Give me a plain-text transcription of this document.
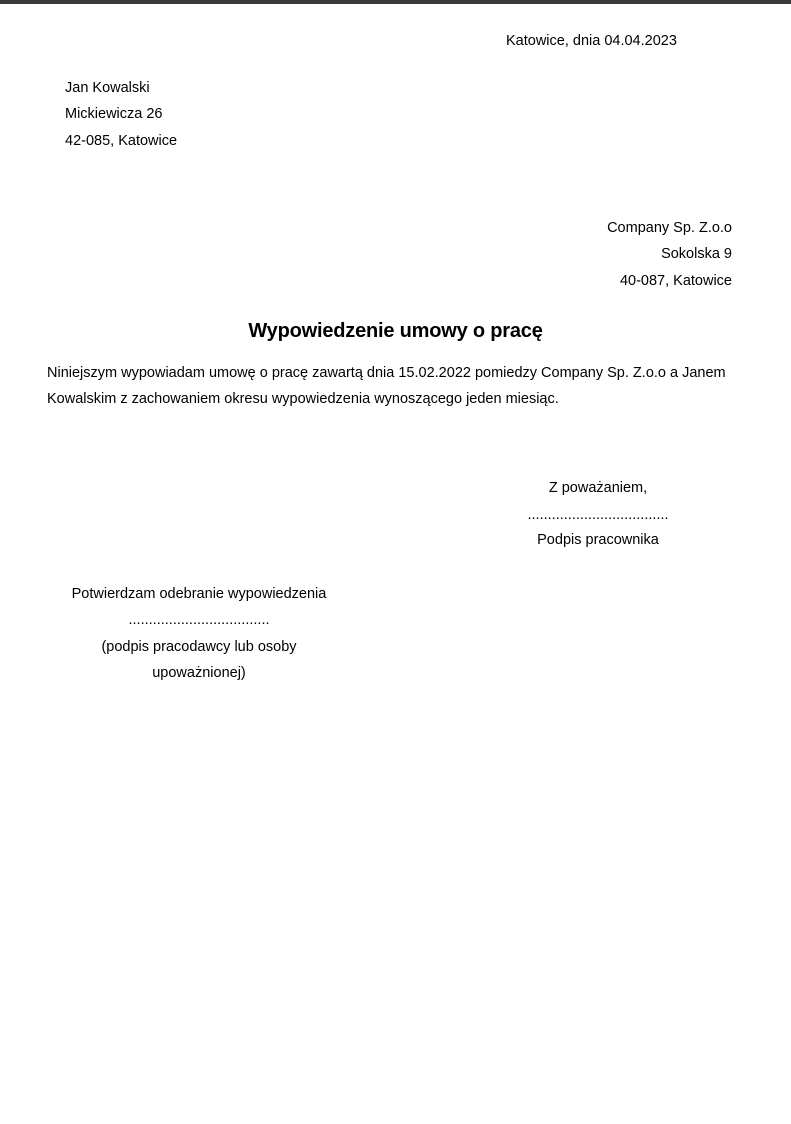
Katowice, dnia 04.04.2023
Jan Kowalski
Mickiewicza 26
42-085, Katowice
Company Sp. Z.o.o
Sokolska 9
40-087, Katowice
Wypowiedzenie umowy o pracę
Niniejszym wypowiadam umowę o pracę zawartą dnia 15.02.2022 pomiedzy Company Sp. Z.o.o a Janem
Kowalskim z zachowaniem okresu wypowiedzenia wynoszącego jeden miesiąc.
Z poważaniem,
...................................
Podpis pracownika
Potwierdzam odebranie wypowiedzenia
...................................
(podpis pracodawcy lub osoby
upoważnionej)
